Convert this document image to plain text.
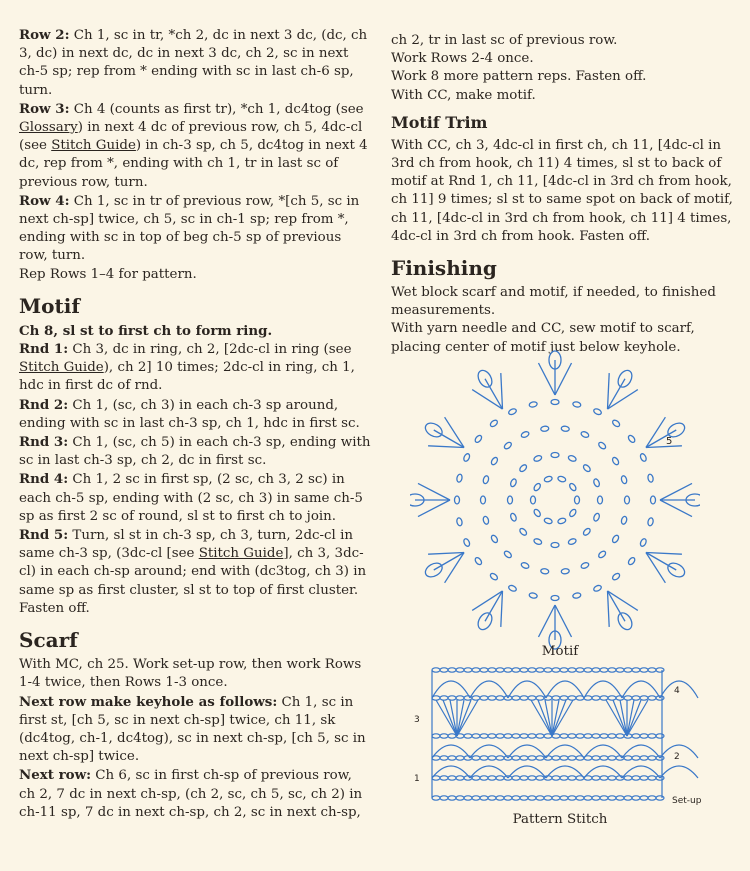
Row 2: Ch 1, sc in tr, *ch 2, dc in next 3 dc, (dc, ch 3, dc) in next dc, dc in next 3 dc, ch 2, sc in next ch-5 sp; rep from * ending with sc in last ch-6 sp, turn.

Row 3: Ch 4 (counts as first tr), *ch 1, dc4tog (see Glossary) in next 4 dc of previous row, ch 5, 4dc-cl (see Stitch Guide) in ch-3 sp, ch 5, dc4tog in next 4 dc, rep from *, ending with ch 1, tr in last sc of previous row, turn.

Row 4: Ch 1, sc in tr of previous row, *[ch 5, sc in next ch-sp] twice, ch 5, sc in ch-1 sp; rep from *, ending with sc in top of beg ch-5 sp of previous row, turn.

Rep Rows 1–4 for pattern.

Motif

Ch 8, sl st to first ch to form ring.

Rnd 1: Ch 3, dc in ring, ch 2, [2dc-cl in ring (see Stitch Guide), ch 2] 10 times; 2dc-cl in ring, ch 1, hdc in first dc of rnd.

Rnd 2: Ch 1, (sc, ch 3) in each ch-3 sp around, ending with sc in last ch-3 sp, ch 1, hdc in first sc.

Rnd 3: Ch 1, (sc, ch 5) in each ch-3 sp, ending with sc in last ch-3 sp, ch 2, dc in first sc.

Rnd 4: Ch 1, 2 sc in first sp, (2 sc, ch 3, 2 sc) in each ch-5 sp, ending with (2 sc, ch 3) in same ch-5 sp as first 2 sc of round, sl st to first ch to join.

Rnd 5: Turn, sl st in ch-3 sp, ch 3, turn, 2dc-cl in same ch-3 sp, (3dc-cl [see Stitch Guide], ch 3, 3dc-cl) in each ch-sp around; end with (dc3tog, ch 3) in same sp as first cluster, sl st to top of first cluster.

Fasten off.

Scarf

With MC, ch 25. Work set-up row, then work Rows 1-4 twice, then Rows 1-3 once.

Next row make keyhole as follows: Ch 1, sc in first st, [ch 5, sc in next ch-sp] twice, ch 11, sk (dc4tog, ch-1, dc4tog), sc in next ch-sp, [ch 5, sc in next ch-sp] twice.

Next row: Ch 6, sc in first ch-sp of previous row, ch 2, 7 dc in next ch-sp, (ch 2, sc, ch 5, sc, ch 2) in ch-11 sp, 7 dc in next ch-sp, ch 2, sc in next ch-sp,

ch 2, tr in last sc of previous row.

Work Rows 2-4 once.

Work 8 more pattern reps. Fasten off.

With CC, make motif.

Motif Trim

With CC, ch 3, 4dc-cl in first ch, ch 11, [4dc-cl in 3rd ch from hook, ch 11) 4 times, sl st to back of motif at Rnd 1, ch 11, [4dc-cl in 3rd ch from hook, ch 11] 9 times; sl st to same spot on back of motif, ch 11, [4dc-cl in 3rd ch from hook, ch 11] 4 times, 4dc-cl in 3rd ch from hook. Fasten off.

Finishing

Wet block scarf and motif, if needed, to finished measurements.

With yarn needle and CC, sew motif to scarf, placing center of motif just below keyhole.

5
Motif
4
3
2
1
Set-up
Pattern Stitch
